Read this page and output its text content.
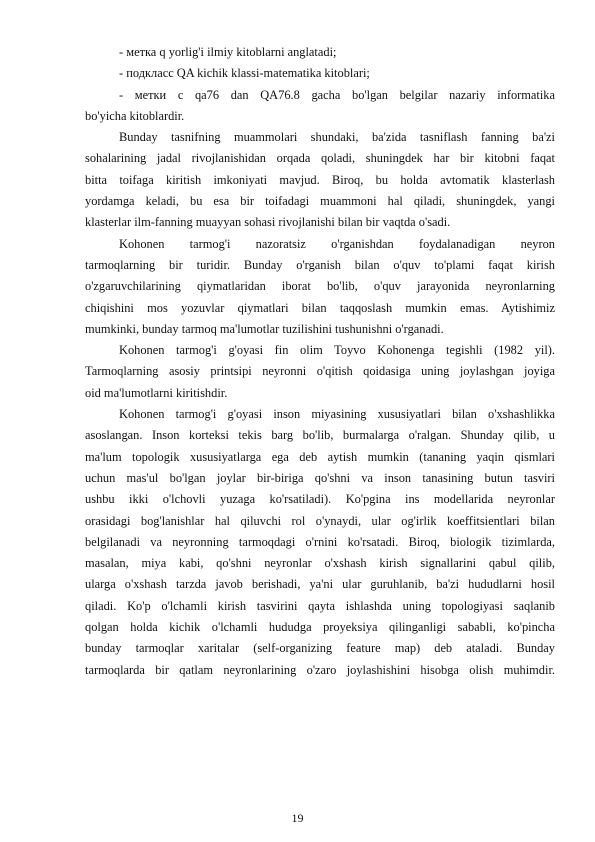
- метка q yorlig'i ilmiy kitoblarni anglatadi;
- подкласс QA kichik klassi-matematika kitoblari;
- метки с qa76 dan QA76.8 gacha bo'lgan belgilar nazariy informatika
bo'yicha kitoblardir.
Bunday tasnifning muammolari shundaki, ba'zida tasniflash fanning ba'zi
sohalarining jadal rivojlanishidan orqada qoladi, shuningdek har bir kitobni faqat
bitta toifaga kiritish imkoniyati mavjud. Biroq, bu holda avtomatik klasterlash
yordamga keladi, bu esa bir toifadagi muammoni hal qiladi, shuningdek, yangi
klasterlar ilm-fanning muayyan sohasi rivojlanishi bilan bir vaqtda o'sadi.
Kohonen tarmog'i nazoratsiz o'rganishdan foydalanadigan neyron
tarmoqlarning bir turidir. Bunday o'rganish bilan o'quv to'plami faqat kirish
o'zgaruvchilarining qiymatlaridan iborat bo'lib, o'quv jarayonida neyronlarning
chiqishini mos yozuvlar qiymatlari bilan taqqoslash mumkin emas. Aytishimiz
mumkinki, bunday tarmoq ma'lumotlar tuzilishini tushunishni o'rganadi.
Kohonen tarmog'i g'oyasi fin olim Toyvo Kohonenga tegishli (1982 yil).
Tarmoqlarning asosiy printsipi neyronni o'qitish qoidasiga uning joylashgan joyiga
oid ma'lumotlarni kiritishdir.
Kohonen tarmog'i g'oyasi inson miyasining xususiyatlari bilan o'xshashlikka
asoslangan. Inson korteksi tekis barg bo'lib, burmalarga o'ralgan. Shunday qilib, u
ma'lum topologik xususiyatlarga ega deb aytish mumkin (tananing yaqin qismlari
uchun mas'ul bo'lgan joylar bir-biriga qo'shni va inson tanasining butun tasviri
ushbu ikki o'lchovli yuzaga ko'rsatiladi). Ko'pgina ins modellarida neyronlar
orasidagi bog'lanishlar hal qiluvchi rol o'ynaydi, ular og'irlik koeffitsientlari bilan
belgilanadi va neyronning tarmoqdagi o'rnini ko'rsatadi. Biroq, biologik tizimlarda,
masalan, miya kabi, qo'shni neyronlar o'xshash kirish signallarini qabul qilib,
ularga o'xshash tarzda javob berishadi, ya'ni ular guruhlanib, ba'zi hududlarni hosil
qiladi. Ko'p o'lchamli kirish tasvirini qayta ishlashda uning topologiyasi saqlanib
qolgan holda kichik o'lchamli hududga proyeksiya qilinganligi sababli, ko'pincha
bunday tarmoqlar xaritalar (self-organizing feature map) deb ataladi. Bunday
tarmoqlarda bir qatlam neyronlarining o'zaro joylashishini hisobga olish muhimdir.
19
